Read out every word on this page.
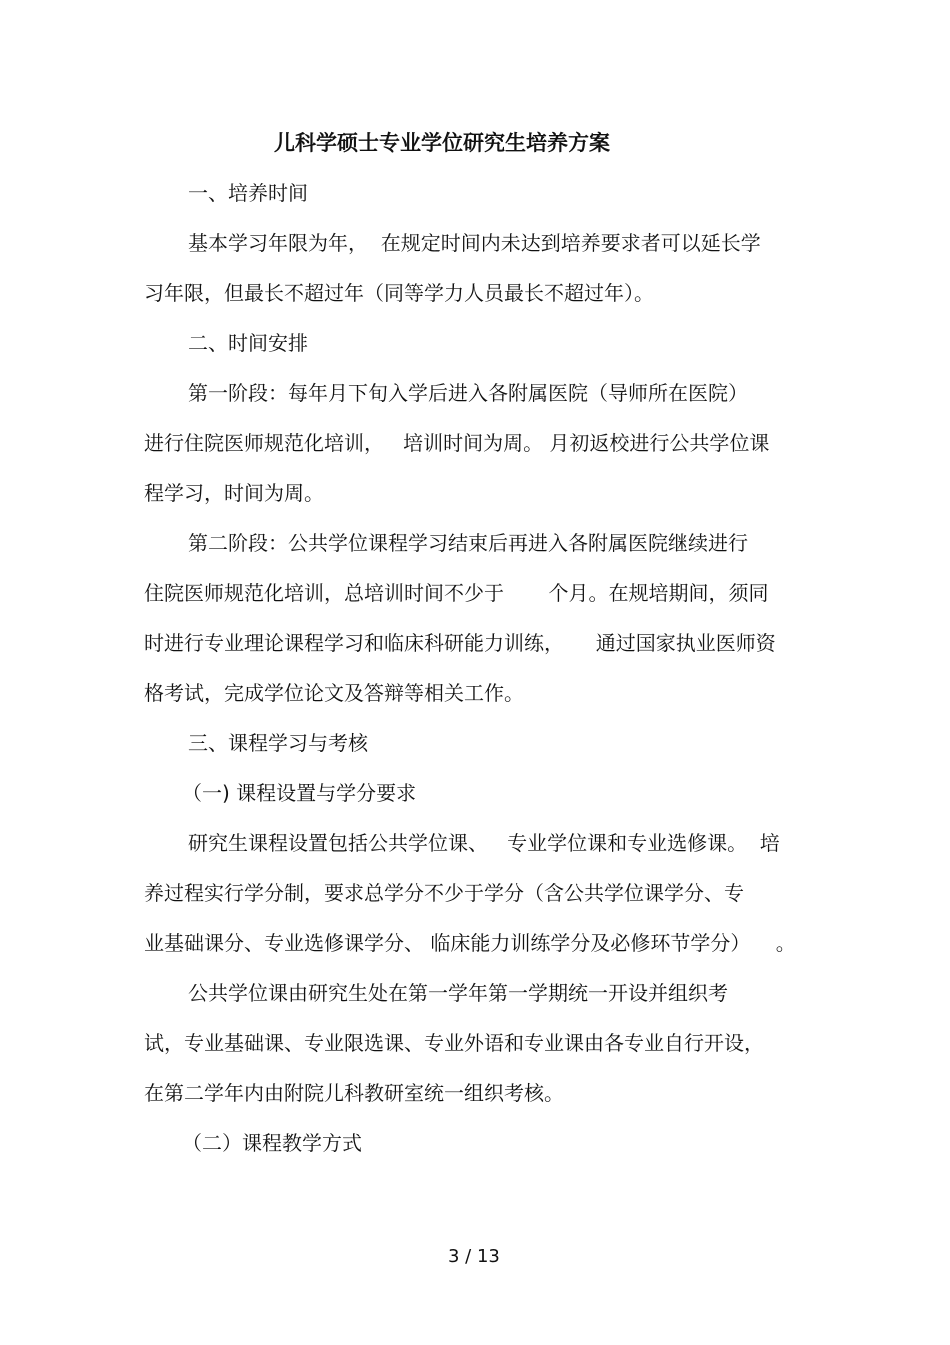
儿科学硕士专业学位研究生培养方案

一、培养时间

基本学习年限为年，  在规定时间内未达到培养要求者可以延长学

习年限，但最长不超过年（同等学力人员最长不超过年）。

二、时间安排

第一阶段：每年月下旬入学后进入各附属医院（导师所在医院）

进行住院医师规范化培训，   培训时间为周。 月初返校进行公共学位课

程学习，时间为周。

第二阶段：公共学位课程学习结束后再进入各附属医院继续进行

住院医师规范化培训，总培训时间不少于       个月。在规培期间，须同

时进行专业理论课程学习和临床科研能力训练，     通过国家执业医师资

格考试，完成学位论文及答辩等相关工作。

三、课程学习与考核

（一) 课程设置与学分要求

研究生课程设置包括公共学位课、   专业学位课和专业选修课。  培

养过程实行学分制，要求总学分不少于学分（含公共学位课学分、专

业基础课分、专业选修课学分、 临床能力训练学分及必修环节学分）    。

公共学位课由研究生处在第一学年第一学期统一开设并组织考

试，专业基础课、专业限选课、专业外语和专业课由各专业自行开设，

在第二学年内由附院儿科教研室统一组织考核。

（二）课程教学方式

3 / 13
